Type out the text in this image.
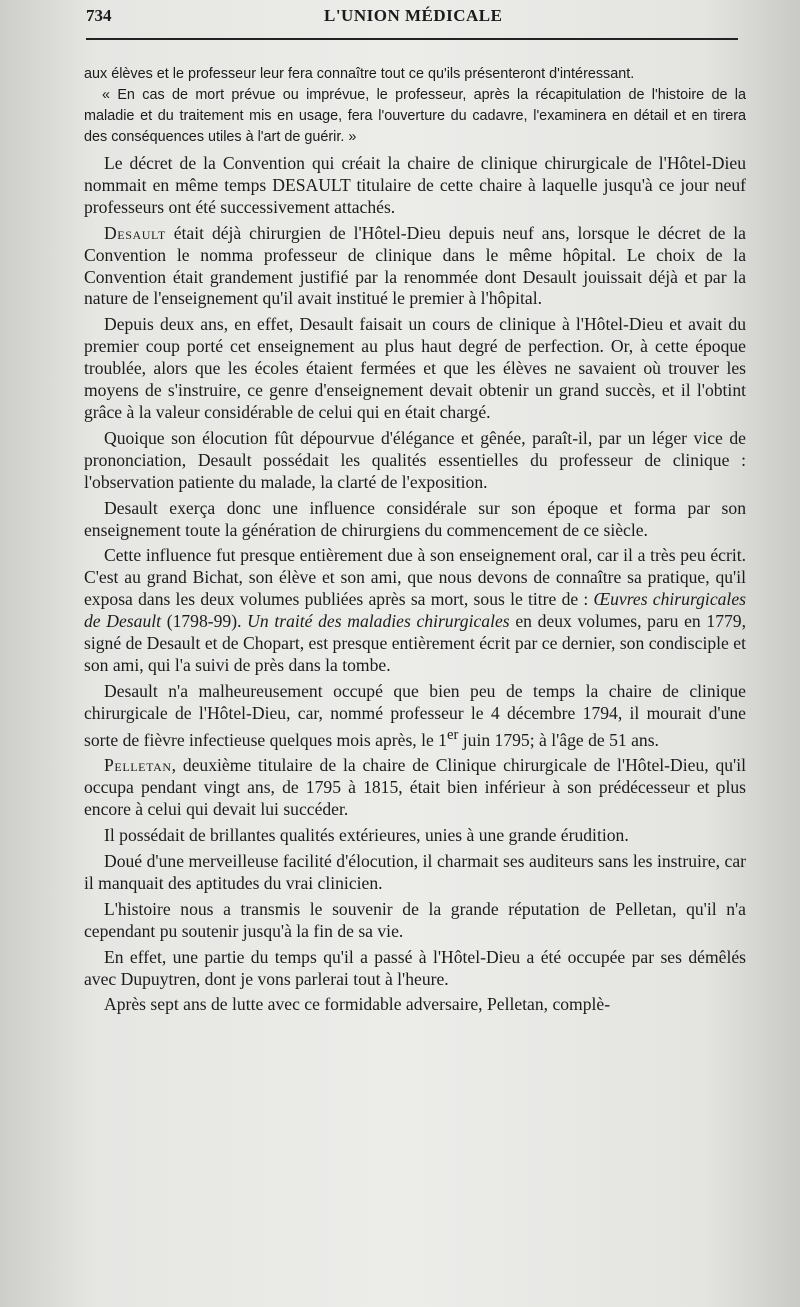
734	L'UNION MÉDICALE

aux élèves et le professeur leur fera connaître tout ce qu'ils présenteront d'intéressant.

« En cas de mort prévue ou imprévue, le professeur, après la récapitulation de l'histoire de la maladie et du traitement mis en usage, fera l'ouverture du cadavre, l'examinera en détail et en tirera des conséquences utiles à l'art de guérir. »

Le décret de la Convention qui créait la chaire de clinique chirurgicale de l'Hôtel-Dieu nommait en même temps DESAULT titulaire de cette chaire à laquelle jusqu'à ce jour neuf professeurs ont été successivement attachés.

Desault était déjà chirurgien de l'Hôtel-Dieu depuis neuf ans, lorsque le décret de la Convention le nomma professeur de clinique dans le même hôpital. Le choix de la Convention était grandement justifié par la renommée dont Desault jouissait déjà et par la nature de l'enseignement qu'il avait institué le premier à l'hôpital.

Depuis deux ans, en effet, Desault faisait un cours de clinique à l'Hôtel-Dieu et avait du premier coup porté cet enseignement au plus haut degré de perfection. Or, à cette époque troublée, alors que les écoles étaient fermées et que les élèves ne savaient où trouver les moyens de s'instruire, ce genre d'enseignement devait obtenir un grand succès, et il l'obtint grâce à la valeur considérable de celui qui en était chargé.

Quoique son élocution fût dépourvue d'élégance et gênée, paraît-il, par un léger vice de prononciation, Desault possédait les qualités essentielles du professeur de clinique : l'observation patiente du malade, la clarté de l'exposition.

Desault exerça donc une influence considérale sur son époque et forma par son enseignement toute la génération de chirurgiens du commencement de ce siècle.

Cette influence fut presque entièrement due à son enseignement oral, car il a très peu écrit. C'est au grand Bichat, son élève et son ami, que nous devons de connaître sa pratique, qu'il exposa dans les deux volumes publiées après sa mort, sous le titre de : Œuvres chirurgicales de Desault (1798-99). Un traité des maladies chirurgicales en deux volumes, paru en 1779, signé de Desault et de Chopart, est presque entièrement écrit par ce dernier, son condisciple et son ami, qui l'a suivi de près dans la tombe.

Desault n'a malheureusement occupé que bien peu de temps la chaire de clinique chirurgicale de l'Hôtel-Dieu, car, nommé professeur le 4 décembre 1794, il mourait d'une sorte de fièvre infectieuse quelques mois après, le 1er juin 1795; à l'âge de 51 ans.

Pelletan, deuxième titulaire de la chaire de Clinique chirurgicale de l'Hôtel-Dieu, qu'il occupa pendant vingt ans, de 1795 à 1815, était bien inférieur à son prédécesseur et plus encore à celui qui devait lui succéder.

Il possédait de brillantes qualités extérieures, unies à une grande érudition.

Doué d'une merveilleuse facilité d'élocution, il charmait ses auditeurs sans les instruire, car il manquait des aptitudes du vrai clinicien.

L'histoire nous a transmis le souvenir de la grande réputation de Pelletan, qu'il n'a cependant pu soutenir jusqu'à la fin de sa vie.

En effet, une partie du temps qu'il a passé à l'Hôtel-Dieu a été occupée par ses démêlés avec Dupuytren, dont je vons parlerai tout à l'heure.

Après sept ans de lutte avec ce formidable adversaire, Pelletan, complè-
